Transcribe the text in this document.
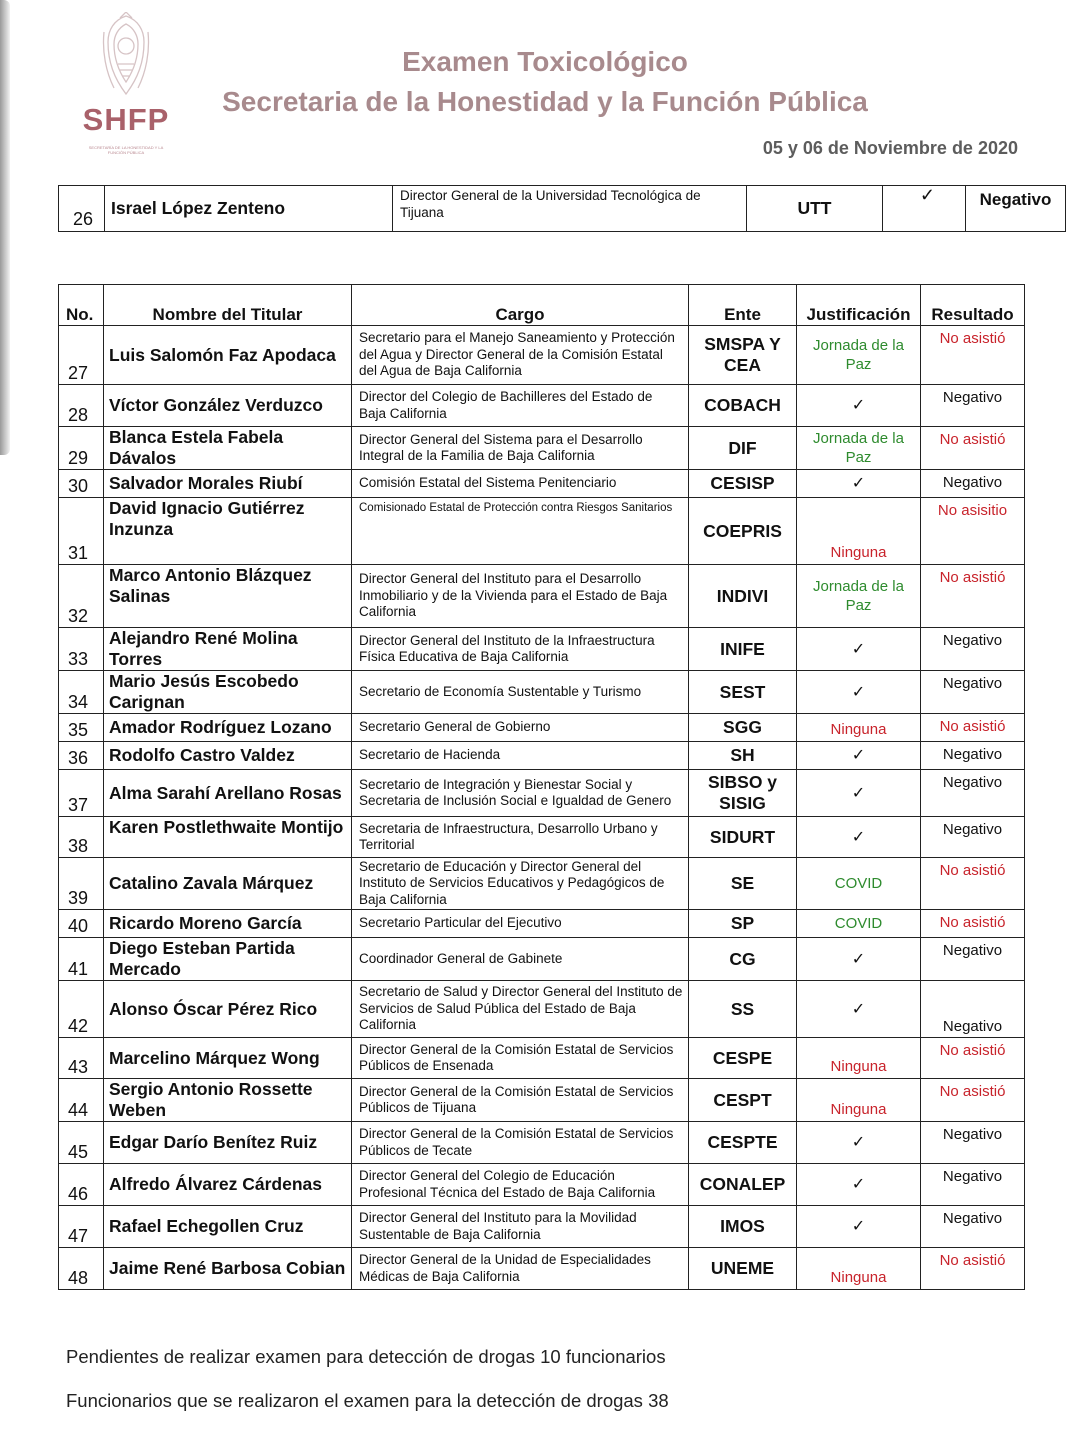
SHFP
SECRETARÍA DE LA HONESTIDAD Y LA FUNCIÓN PÚBLICA
Examen Toxicológico
Secretaria de la Honestidad y la Función Pública
05 y 06 de Noviembre de 2020
26	Israel López Zenteno	Director General de la Universidad Tecnológica de Tijuana	UTT	✓	Negativo
No.	Nombre del Titular	Cargo	Ente	Justificación	Resultado
27	Luis Salomón Faz Apodaca	Secretario para el Manejo Saneamiento y Protección del Agua y Director General de la Comisión Estatal del Agua de Baja California	SMSPA Y CEA	Jornada de la Paz	No asistió
28	Víctor González Verduzco	Director del Colegio de Bachilleres del Estado de Baja California	COBACH	✓	Negativo
29	Blanca Estela Fabela Dávalos	Director General del Sistema para el Desarrollo Integral de la Familia de Baja California	DIF	Jornada de la Paz	No asistió
30	Salvador Morales Riubí	Comisión Estatal del Sistema Penitenciario	CESISP	✓	Negativo
31	David Ignacio Gutiérrez Inzunza	Comisionado Estatal de Protección contra Riesgos Sanitarios	COEPRIS	Ninguna	No asisitio
32	Marco Antonio Blázquez Salinas	Director General del Instituto para el Desarrollo Inmobiliario y de la Vivienda para el Estado de Baja California	INDIVI	Jornada de la Paz	No asistió
33	Alejandro René Molina Torres	Director General del Instituto de la Infraestructura Física Educativa de Baja California	INIFE	✓	Negativo
34	Mario Jesús Escobedo Carignan	Secretario de Economía Sustentable y Turismo	SEST	✓	Negativo
35	Amador Rodríguez Lozano	Secretario General de Gobierno	SGG	Ninguna	No asistió
36	Rodolfo Castro Valdez	Secretario de Hacienda	SH	✓	Negativo
37	Alma Sarahí Arellano Rosas	Secretario de Integración y Bienestar Social y Secretaria de Inclusión Social e Igualdad de Genero	SIBSO y SISIG	✓	Negativo
38	Karen Postlethwaite Montijo	Secretaria de Infraestructura, Desarrollo Urbano y Territorial	SIDURT	✓	Negativo
39	Catalino Zavala Márquez	Secretario de Educación y Director General del Instituto de Servicios Educativos y Pedagógicos de Baja California	SE	COVID	No asistió
40	Ricardo Moreno García	Secretario Particular del Ejecutivo	SP	COVID	No asistió
41	Diego Esteban Partida Mercado	Coordinador General de Gabinete	CG	✓	Negativo
42	Alonso Óscar Pérez Rico	Secretario de Salud y Director General del Instituto de Servicios de Salud Pública del Estado de Baja California	SS	✓	Negativo
43	Marcelino Márquez Wong	Director General de la Comisión Estatal de Servicios Públicos de Ensenada	CESPE	Ninguna	No asistió
44	Sergio Antonio Rossette Weben	Director General de la Comisión Estatal de Servicios Públicos de Tijuana	CESPT	Ninguna	No asistió
45	Edgar Darío Benítez Ruiz	Director General de la Comisión Estatal de Servicios Públicos de Tecate	CESPTE	✓	Negativo
46	Alfredo Álvarez Cárdenas	Director General del Colegio de Educación Profesional Técnica del Estado de Baja California	CONALEP	✓	Negativo
47	Rafael Echegollen Cruz	Director General del Instituto para la Movilidad Sustentable de Baja California	IMOS	✓	Negativo
48	Jaime René Barbosa Cobian	Director General de la Unidad de Especialidades Médicas de Baja California	UNEME	Ninguna	No asistió
Pendientes de realizar examen para detección de drogas 10 funcionarios
Funcionarios que se realizaron el examen para la detección de drogas 38
